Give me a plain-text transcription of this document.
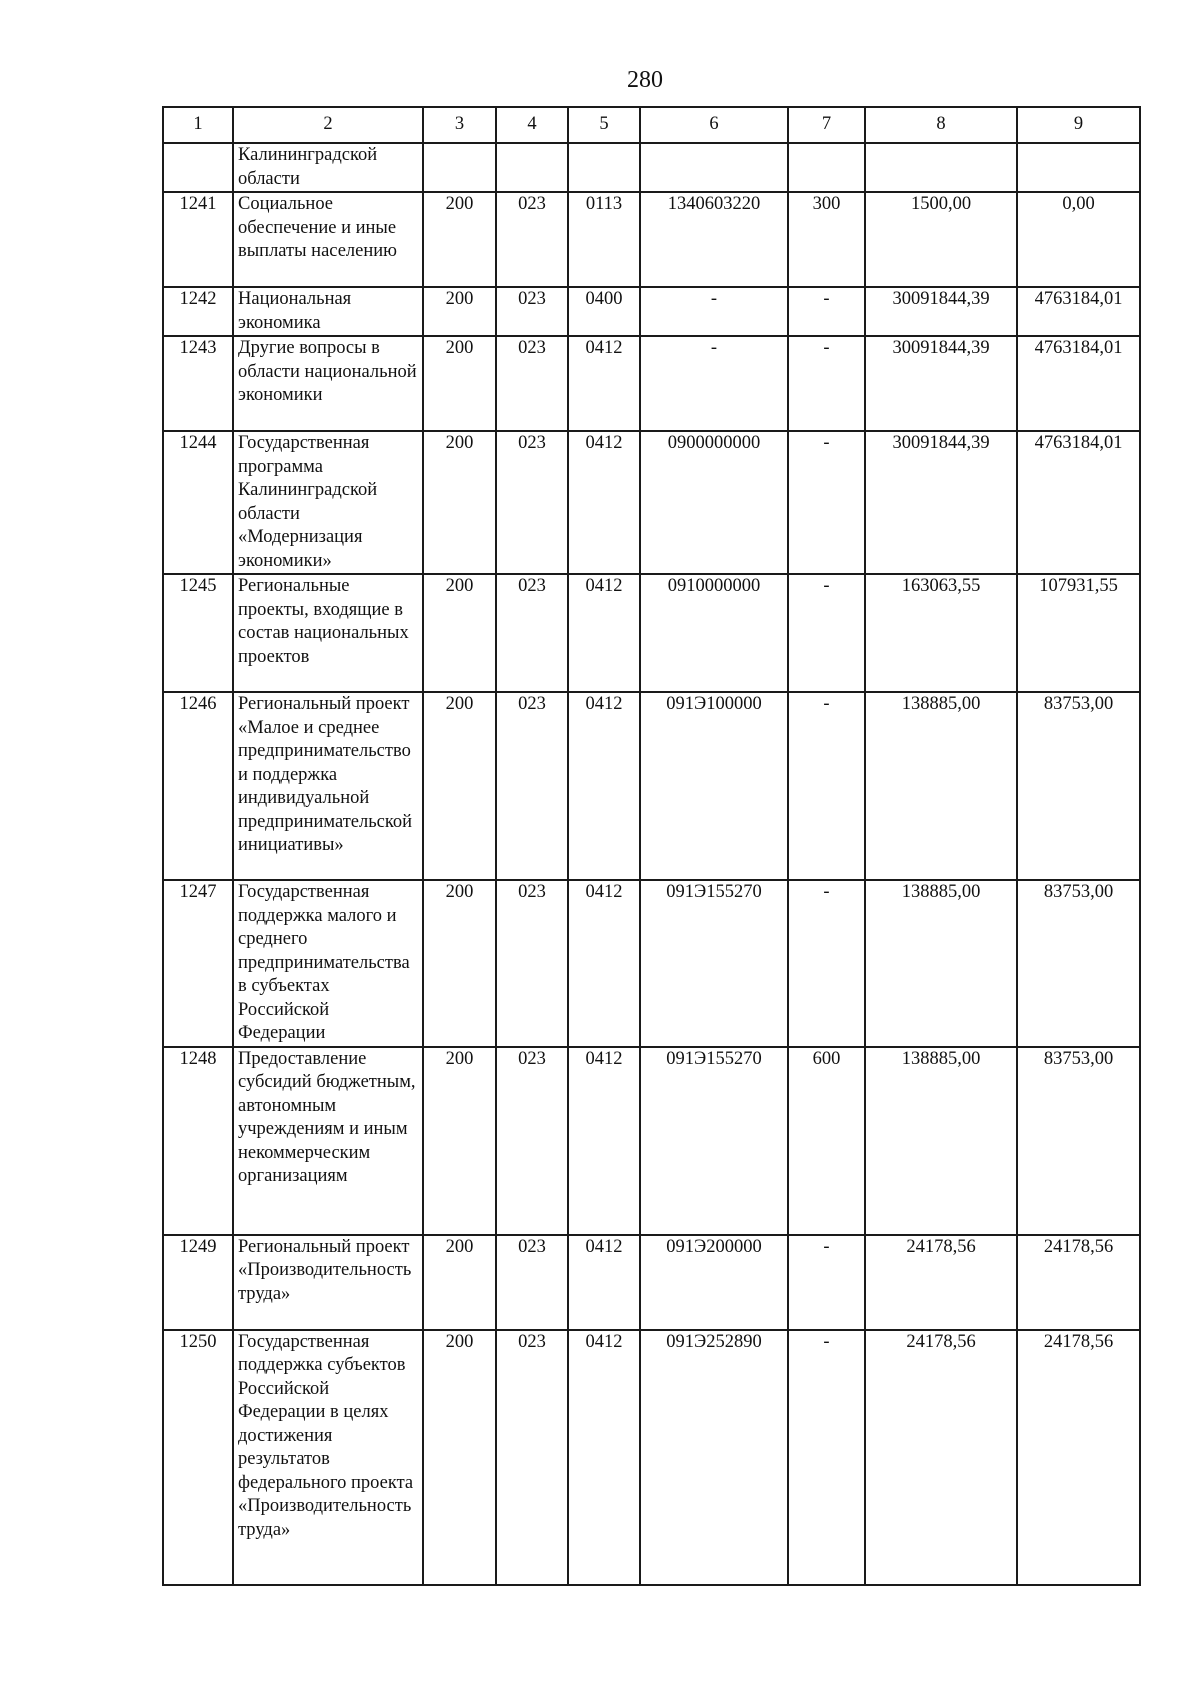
280
1	2	3	4	5	6	7	8	9
	Калининградской области							
1241	Социальное обеспечение и иные выплаты населению	200	023	0113	1340603220	300	1500,00	0,00
1242	Национальная экономика	200	023	0400	-	-	30091844,39	4763184,01
1243	Другие вопросы в области национальной экономики	200	023	0412	-	-	30091844,39	4763184,01
1244	Государственная программа Калининградской области «Модернизация экономики»	200	023	0412	0900000000	-	30091844,39	4763184,01
1245	Региональные проекты, входящие в состав национальных проектов	200	023	0412	0910000000	-	163063,55	107931,55
1246	Региональный проект «Малое и среднее предпринимательство и поддержка индивидуальной предпринимательской инициативы»	200	023	0412	091Э100000	-	138885,00	83753,00
1247	Государственная поддержка малого и среднего предпринимательства в субъектах Российской Федерации	200	023	0412	091Э155270	-	138885,00	83753,00
1248	Предоставление субсидий бюджетным, автономным учреждениям и иным некоммерческим организациям	200	023	0412	091Э155270	600	138885,00	83753,00
1249	Региональный проект «Производительность труда»	200	023	0412	091Э200000	-	24178,56	24178,56
1250	Государственная поддержка субъектов Российской Федерации в целях достижения результатов федерального проекта «Производительность труда»	200	023	0412	091Э252890	-	24178,56	24178,56
